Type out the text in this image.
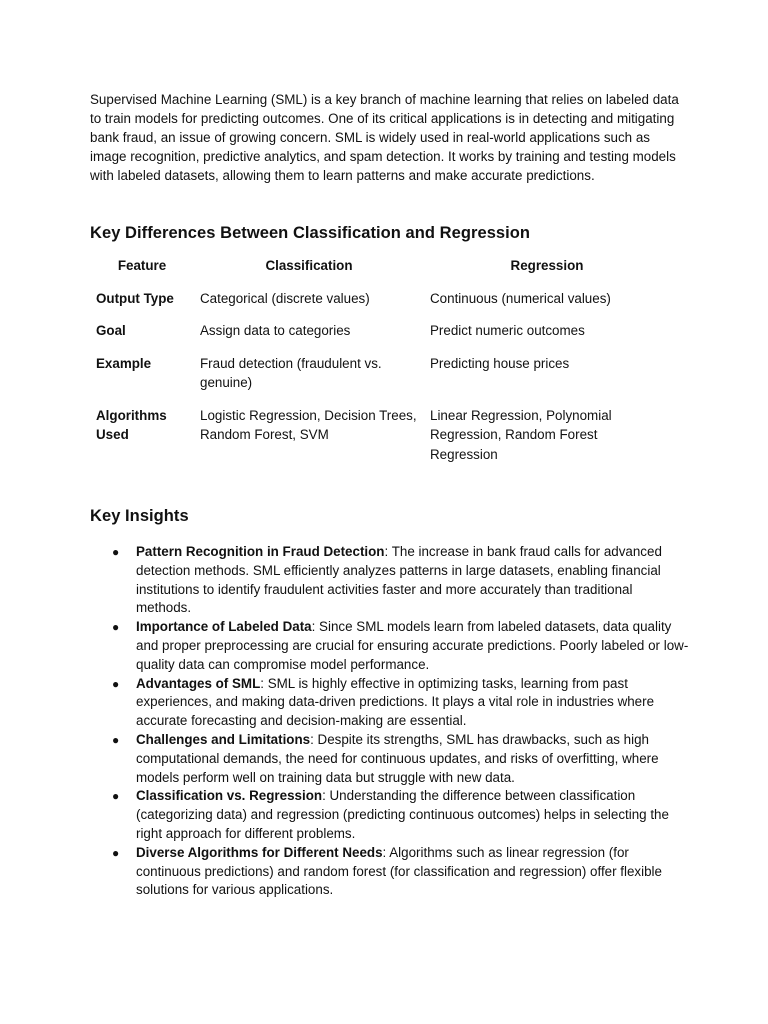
Supervised Machine Learning (SML) is a key branch of machine learning that relies on labeled data to train models for predicting outcomes. One of its critical applications is in detecting and mitigating bank fraud, an issue of growing concern. SML is widely used in real-world applications such as image recognition, predictive analytics, and spam detection. It works by training and testing models with labeled datasets, allowing them to learn patterns and make accurate predictions.

Key Differences Between Classification and Regression
Feature	Classification	Regression
Output Type	Categorical (discrete values)	Continuous (numerical values)
Goal	Assign data to categories	Predict numeric outcomes
Example	Fraud detection (fraudulent vs. genuine)	Predicting house prices
Algorithms Used	Logistic Regression, Decision Trees, Random Forest, SVM	Linear Regression, Polynomial Regression, Random Forest Regression
Key Insights
● Pattern Recognition in Fraud Detection: The increase in bank fraud calls for advanced detection methods. SML efficiently analyzes patterns in large datasets, enabling financial institutions to identify fraudulent activities faster and more accurately than traditional methods.
● Importance of Labeled Data: Since SML models learn from labeled datasets, data quality and proper preprocessing are crucial for ensuring accurate predictions. Poorly labeled or low-quality data can compromise model performance.
● Advantages of SML: SML is highly effective in optimizing tasks, learning from past experiences, and making data-driven predictions. It plays a vital role in industries where accurate forecasting and decision-making are essential.
● Challenges and Limitations: Despite its strengths, SML has drawbacks, such as high computational demands, the need for continuous updates, and risks of overfitting, where models perform well on training data but struggle with new data.
● Classification vs. Regression: Understanding the difference between classification (categorizing data) and regression (predicting continuous outcomes) helps in selecting the right approach for different problems.
● Diverse Algorithms for Different Needs: Algorithms such as linear regression (for continuous predictions) and random forest (for classification and regression) offer flexible solutions for various applications.
